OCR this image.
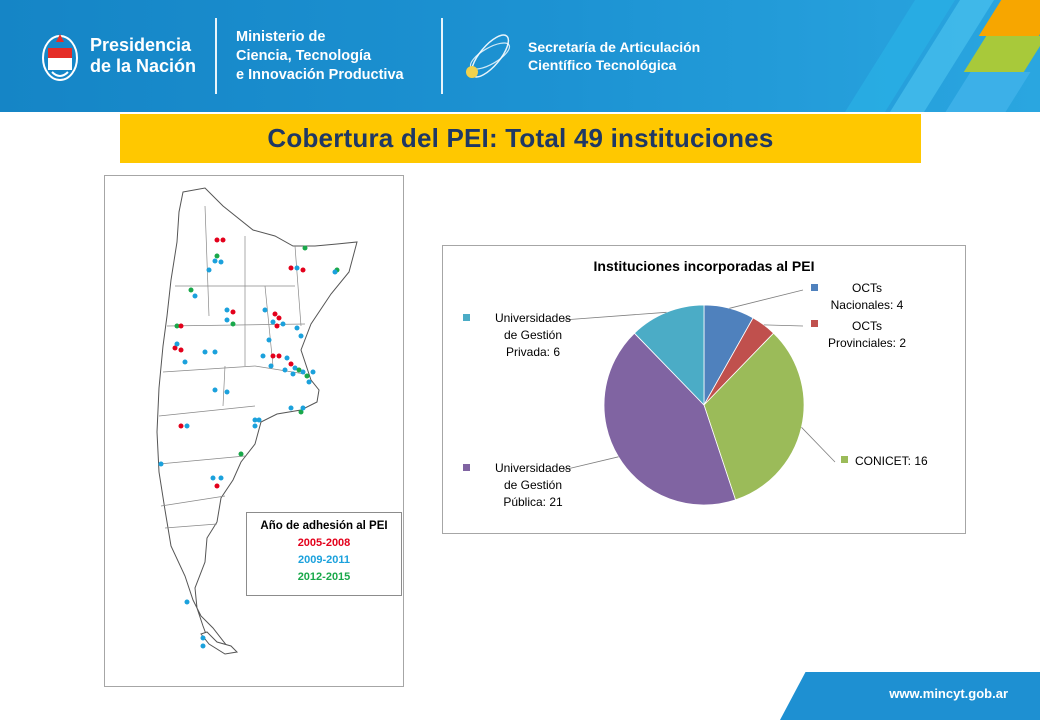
Presidencia
de la Nación
Ministerio de
Ciencia, Tecnología
e Innovación Productiva
Secretaría de Articulación
Científico Tecnológica
Cobertura del PEI: Total 49 instituciones
Año de adhesión al PEI
2005-2008
2009-2011
2012-2015
Instituciones incorporadas al PEI
OCTs Nacionales: 4
OCTs Provinciales: 2
CONICET: 16
Universidades de Gestión Pública: 21
Universidades de Gestión Privada: 6
www.mincyt.gob.ar
